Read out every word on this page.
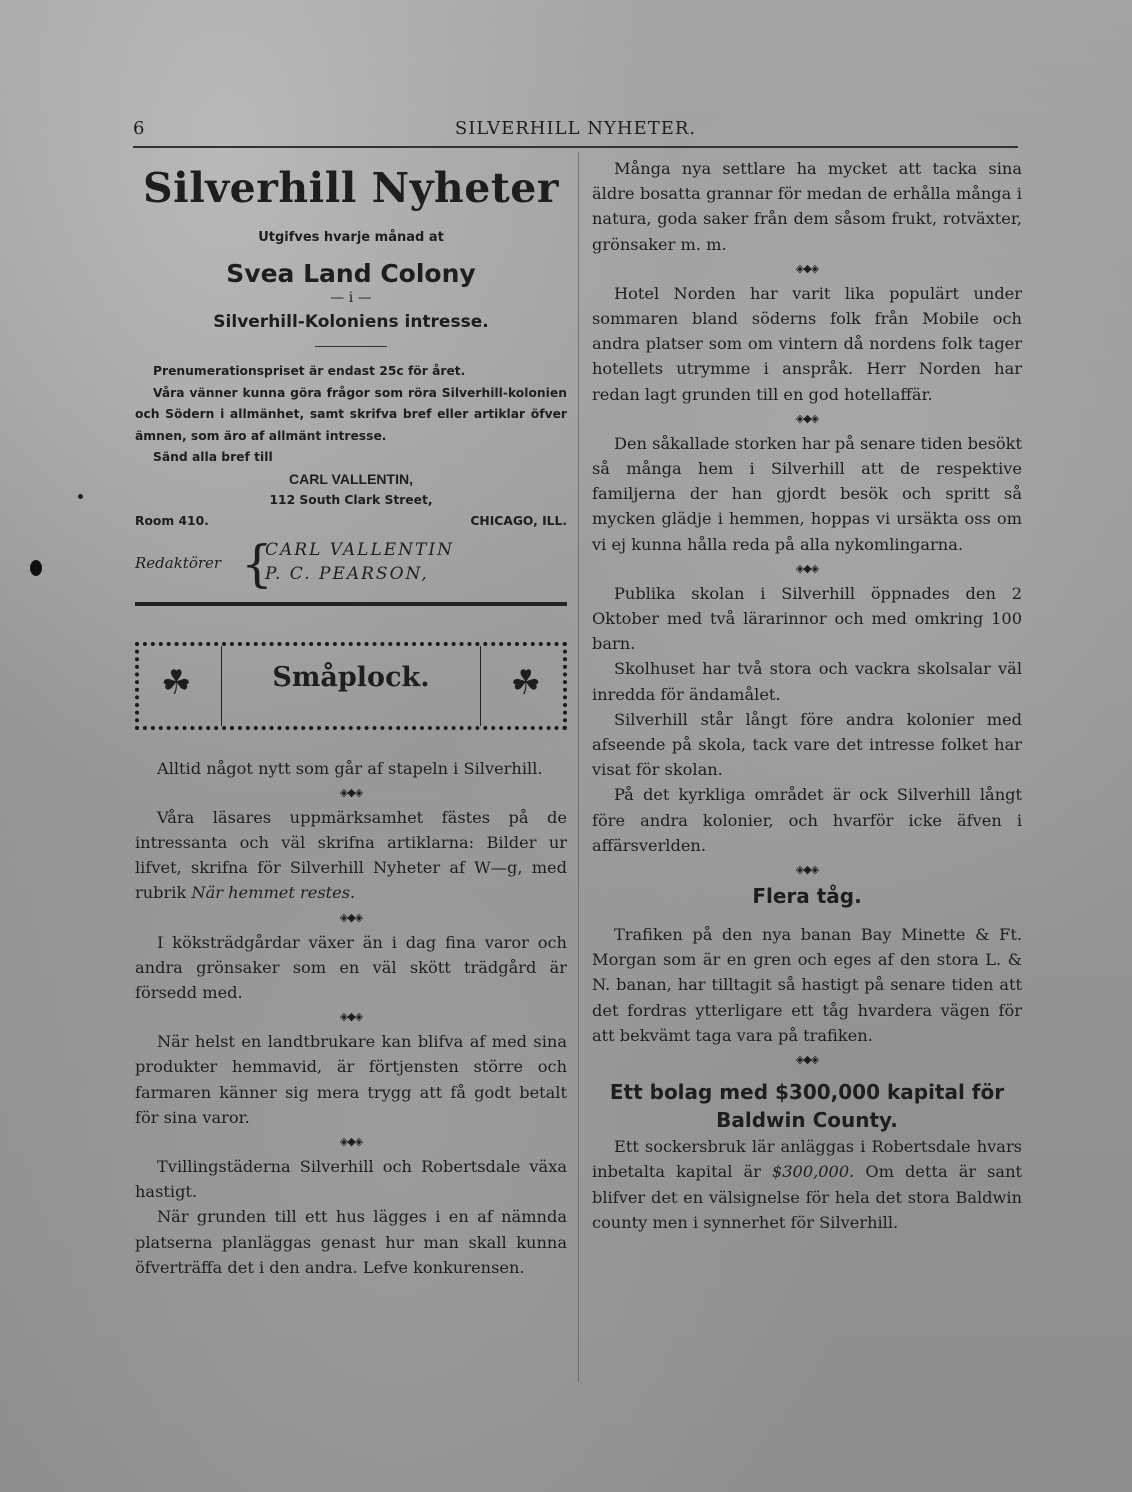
6	SILVERHILL NYHETER.
Silverhill Nyheter
Utgifves hvarje månad at
Svea Land Colony
— i —
Silverhill-Koloniens intresse.
Prenumerationspriset är endast 25c för året.
Våra vänner kunna göra frågor som röra Silverhill-kolonien och Södern i allmänhet, samt skrifva bref eller artiklar öfver ämnen, som äro af allmänt intresse.
Sänd alla bref till
CARL VALLENTIN,
112 South Clark Street,
Room 410.	CHICAGO, ILL.
Redaktörer {
CARL VALLENTIN
P. C. PEARSON,
☘	Småplock.	☘

Alltid något nytt som går af stapeln i Silverhill.

◈◆◈

Våra läsares uppmärksamhet fästes på de intressanta och väl skrifna artiklarna: Bilder ur lifvet, skrifna för Silverhill Nyheter af W—g, med rubrik När hemmet restes.

◈◆◈

I köksträdgårdar växer än i dag fina varor och andra grönsaker som en väl skött trädgård är försedd med.

◈◆◈

När helst en landtbrukare kan blifva af med sina produkter hemmavid, är förtjensten större och farmaren känner sig mera trygg att få godt betalt för sina varor.

◈◆◈

Tvillingstäderna Silverhill och Robertsdale växa hastigt.

När grunden till ett hus lägges i en af nämnda platserna planläggas genast hur man skall kunna öfverträffa det i den andra. Lefve konkurensen.

Många nya settlare ha mycket att tacka sina äldre bosatta grannar för medan de erhålla många i natura, goda saker från dem såsom frukt, rotväxter, grönsaker m. m.

◈◆◈

Hotel Norden har varit lika populärt under sommaren bland söderns folk från Mobile och andra platser som om vintern då nordens folk tager hotellets utrymme i anspråk. Herr Norden har redan lagt grunden till en god hotellaffär.

◈◆◈

Den såkallade storken har på senare tiden besökt så många hem i Silverhill att de respektive familjerna der han gjordt besök och spritt så mycken glädje i hemmen, hoppas vi ursäkta oss om vi ej kunna hålla reda på alla nykomlingarna.

◈◆◈

Publika skolan i Silverhill öppnades den 2 Oktober med två lärarinnor och med omkring 100 barn.

Skolhuset har två stora och vackra skolsalar väl inredda för ändamålet.

Silverhill står långt före andra kolonier med afseende på skola, tack vare det intresse folket har visat för skolan.

På det kyrkliga området är ock Silverhill långt före andra kolonier, och hvarför icke äfven i affärsverlden.

◈◆◈
Flera tåg.

Trafiken på den nya banan Bay Minette & Ft. Morgan som är en gren och eges af den stora L. & N. banan, har tilltagit så hastigt på senare tiden att det fordras ytterligare ett tåg hvardera vägen för att bekvämt taga vara på trafiken.

◈◆◈
Ett bolag med $300,000 kapital för
Baldwin County.

Ett sockersbruk lär anläggas i Robertsdale hvars inbetalta kapital är $300,000. Om detta är sant blifver det en välsignelse för hela det stora Baldwin county men i synnerhet för Silverhill.
